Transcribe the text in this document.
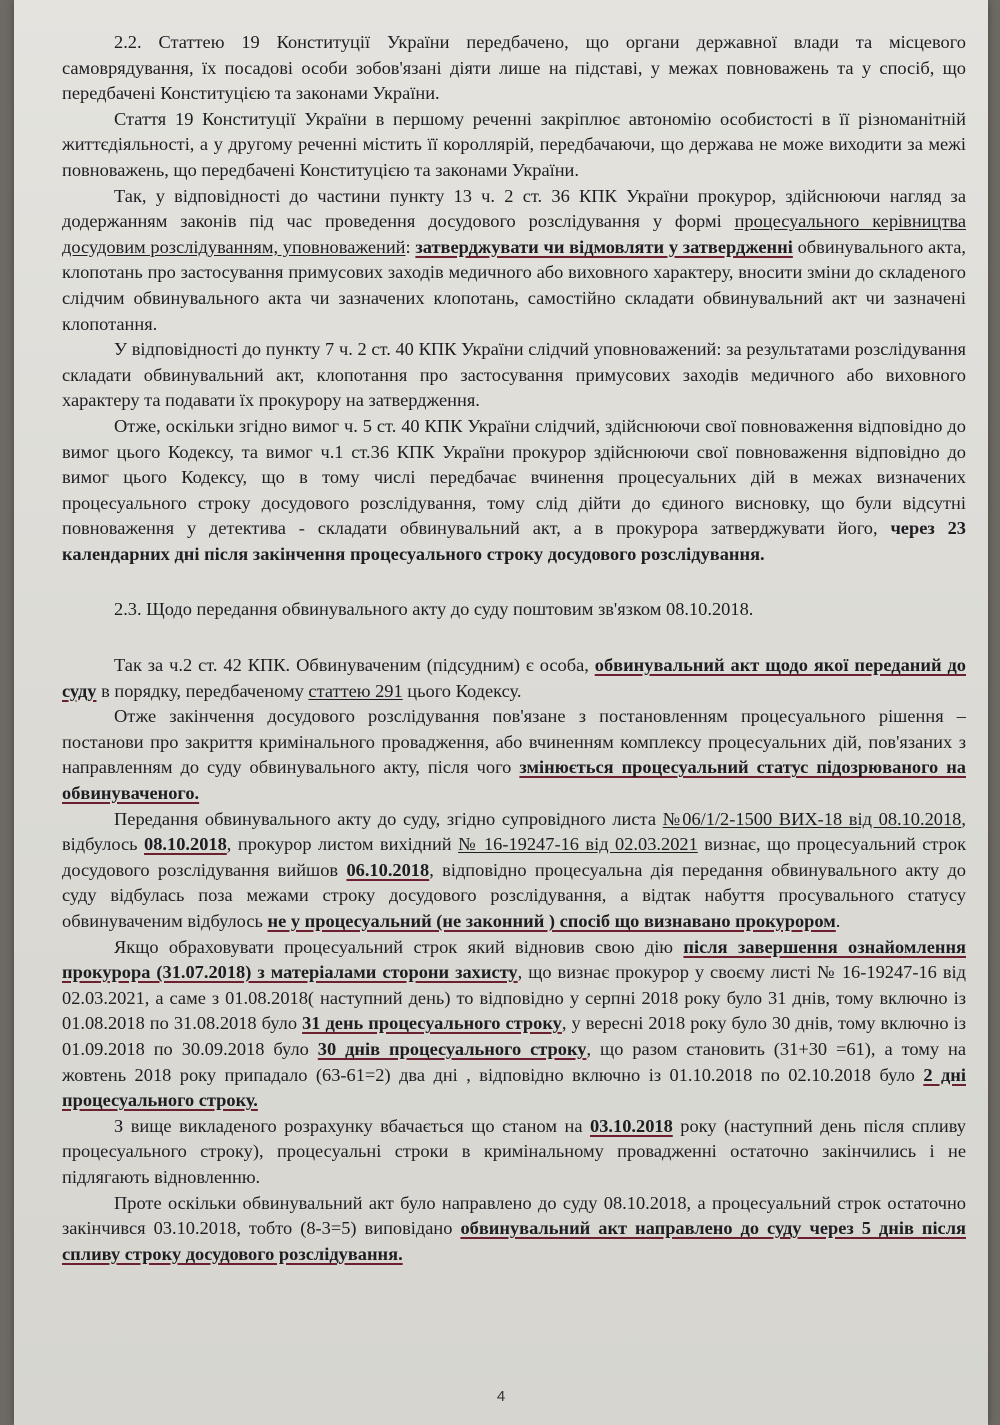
2.2. Статтею 19 Конституції України передбачено, що органи державної влади та місцевого самоврядування, їх посадові особи зобов'язані діяти лише на підставі, у межах повноважень та у спосіб, що передбачені Конституцією та законами України.

Стаття 19 Конституції України в першому реченні закріплює автономію особистості в її різноманітній життєдіяльності, а у другому реченні містить її короллярій, передбачаючи, що держава не може виходити за межі повноважень, що передбачені Конституцією та законами України.

Так, у відповідності до частини пункту 13 ч. 2 ст. 36 КПК України прокурор, здійснюючи нагляд за додержанням законів під час проведення досудового розслідування у формі процесуального керівництва досудовим розслідуванням, уповноважений: затверджувати чи відмовляти у затвердженні обвинувального акта, клопотань про застосування примусових заходів медичного або виховного характеру, вносити зміни до складеного слідчим обвинувального акта чи зазначених клопотань, самостійно складати обвинувальний акт чи зазначені клопотання.

У відповідності до пункту 7 ч. 2 ст. 40 КПК України слідчий уповноважений: за результатами розслідування складати обвинувальний акт, клопотання про застосування примусових заходів медичного або виховного характеру та подавати їх прокурору на затвердження.

Отже, оскільки згідно вимог ч. 5 ст. 40 КПК України слідчий, здійснюючи свої повноваження відповідно до вимог цього Кодексу, та вимог ч.1 ст.36 КПК України прокурор здійснюючи свої повноваження відповідно до вимог цього Кодексу, що в тому числі передбачає вчинення процесуальних дій в межах визначених процесуального строку досудового розслідування, тому слід дійти до єдиного висновку, що були відсутні повноваження у детектива - складати обвинувальний акт, а в прокурора затверджувати його, через 23 календарних дні після закінчення процесуального строку досудового розслідування.

2.3. Щодо передання обвинувального акту до суду поштовим зв'язком 08.10.2018.

Так за ч.2 ст. 42 КПК. Обвинуваченим (підсудним) є особа, обвинувальний акт щодо якої переданий до суду в порядку, передбаченому статтею 291 цього Кодексу.

Отже закінчення досудового розслідування пов'язане з постановленням процесуального рішення – постанови про закриття кримінального провадження, або вчиненням комплексу процесуальних дій, пов'язаних з направленням до суду обвинувального акту, після чого змінюється процесуальний статус підозрюваного на обвинуваченого.

Передання обвинувального акту до суду, згідно супровідного листа №06/1/2-1500 ВИХ-18 від 08.10.2018, відбулось 08.10.2018, прокурор листом вихідний № 16-19247-16 від 02.03.2021 визнає, що процесуальний строк досудового розслідування вийшов 06.10.2018, відповідно процесуальна дія передання обвинувального акту до суду відбулась поза межами строку досудового розслідування, а відтак набуття просувального статусу обвинуваченим відбулось не у процесуальний (не законний ) спосіб що визнавано прокурором.

Якщо обраховувати процесуальний строк який відновив свою дію після завершення ознайомлення прокурора (31.07.2018) з матеріалами сторони захисту, що визнає прокурор у своєму листі № 16-19247-16 від 02.03.2021, а саме з 01.08.2018( наступний день) то відповідно у серпні 2018 року було 31 днів, тому включно із 01.08.2018 по 31.08.2018 було 31 день процесуального строку, у вересні 2018 року було 30 днів, тому включно із 01.09.2018 по 30.09.2018 було 30 днів процесуального строку, що разом становить (31+30 =61), а тому на жовтень 2018 року припадало (63-61=2) два дні , відповідно включно із 01.10.2018 по 02.10.2018 було 2 дні процесуального строку.

З вище викладеного розрахунку вбачається що станом на 03.10.2018 року (наступний день після спливу процесуального строку), процесуальні строки в кримінальному провадженні остаточно закінчились і не підлягають відновленню.

Проте оскільки обвинувальний акт було направлено до суду 08.10.2018, а процесуальний строк остаточно закінчився 03.10.2018, тобто (8-3=5) виповідано обвинувальний акт направлено до суду через 5 днів після спливу строку досудового розслідування.

4
